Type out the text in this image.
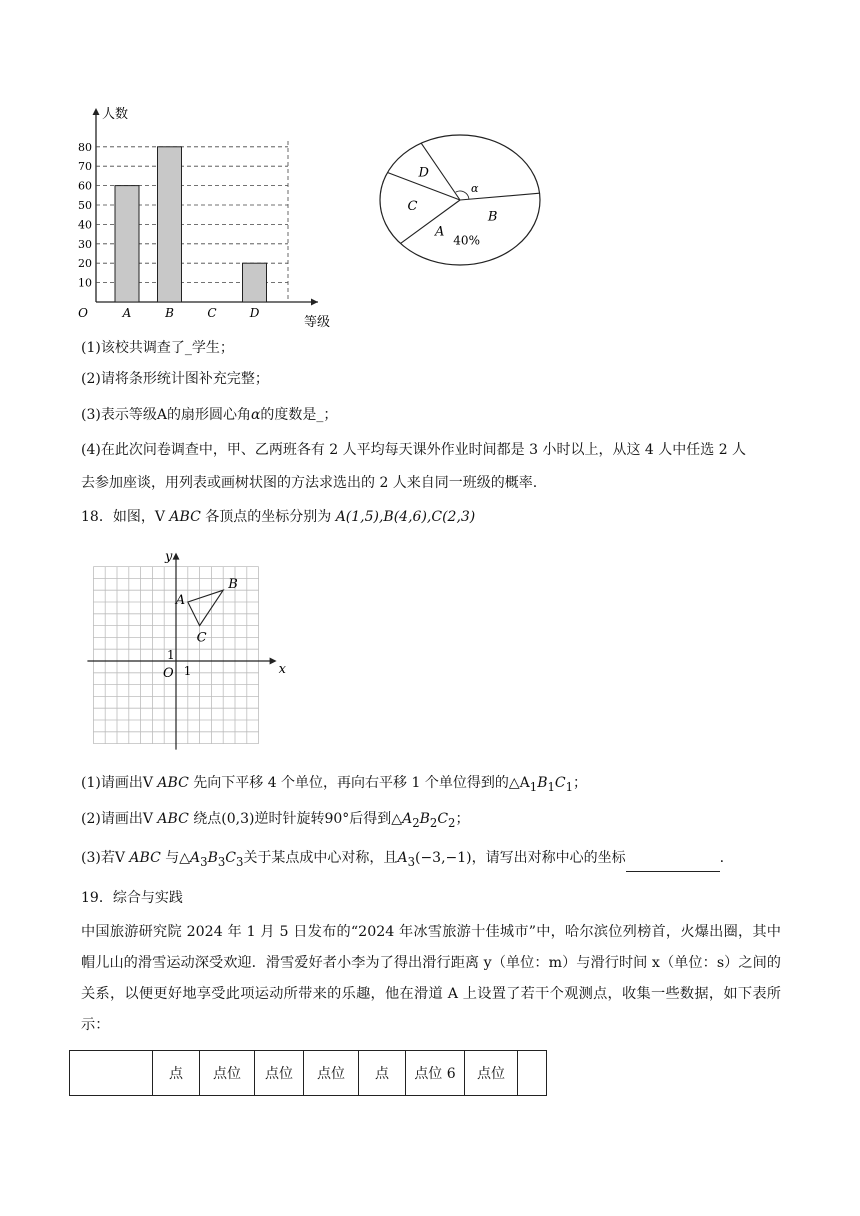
10
20
30
40
50
60
70
80
A	B	C	D
O
人数
等级
A
B
40%
C
D
α
(1)该校共调查了_学生；
(2)请将条形统计图补充完整；
(3)表示等级A的扇形圆心角α的度数是_；
(4)在此次问卷调查中，甲、乙两班各有 2 人平均每天课外作业时间都是 3 小时以上，从这 4 人中任选 2 人
去参加座谈，用列表或画树状图的方法求选出的 2 人来自同一班级的概率.
18．如图，V ABC 各顶点的坐标分别为 A(1,5),B(4,6),C(2,3)
x
y
O 1
1
A
B
C
(1)请画出V ABC 先向下平移 4 个单位，再向右平移 1 个单位得到的$\triangle A_1B_1C_1$；
(2)请画出V ABC 绕点(0,3)逆时针旋转90°后得到$\triangle A_2B_2C_2$；
(3)若V ABC 与$\triangle A_3B_3C_3$关于某点成中心对称，且$A_3(-3,-1)$，请写出对称中心的坐标	.
19．综合与实践
中国旅游研究院 2024 年 1 月 5 日发布的“2024 年冰雪旅游十佳城市”中，哈尔滨位列榜首，火爆出圈，其中帽儿山的滑雪运动深受欢迎．滑雪爱好者小李为了得出滑行距离 y（单位：m）与滑行时间 x（单位：s）之间的关系，以便更好地享受此项运动所带来的乐趣，他在滑道 A 上设置了若干个观测点，收集一些数据，如下表所示：
	点	点位	点位	点位	点	点位 6	点位	
